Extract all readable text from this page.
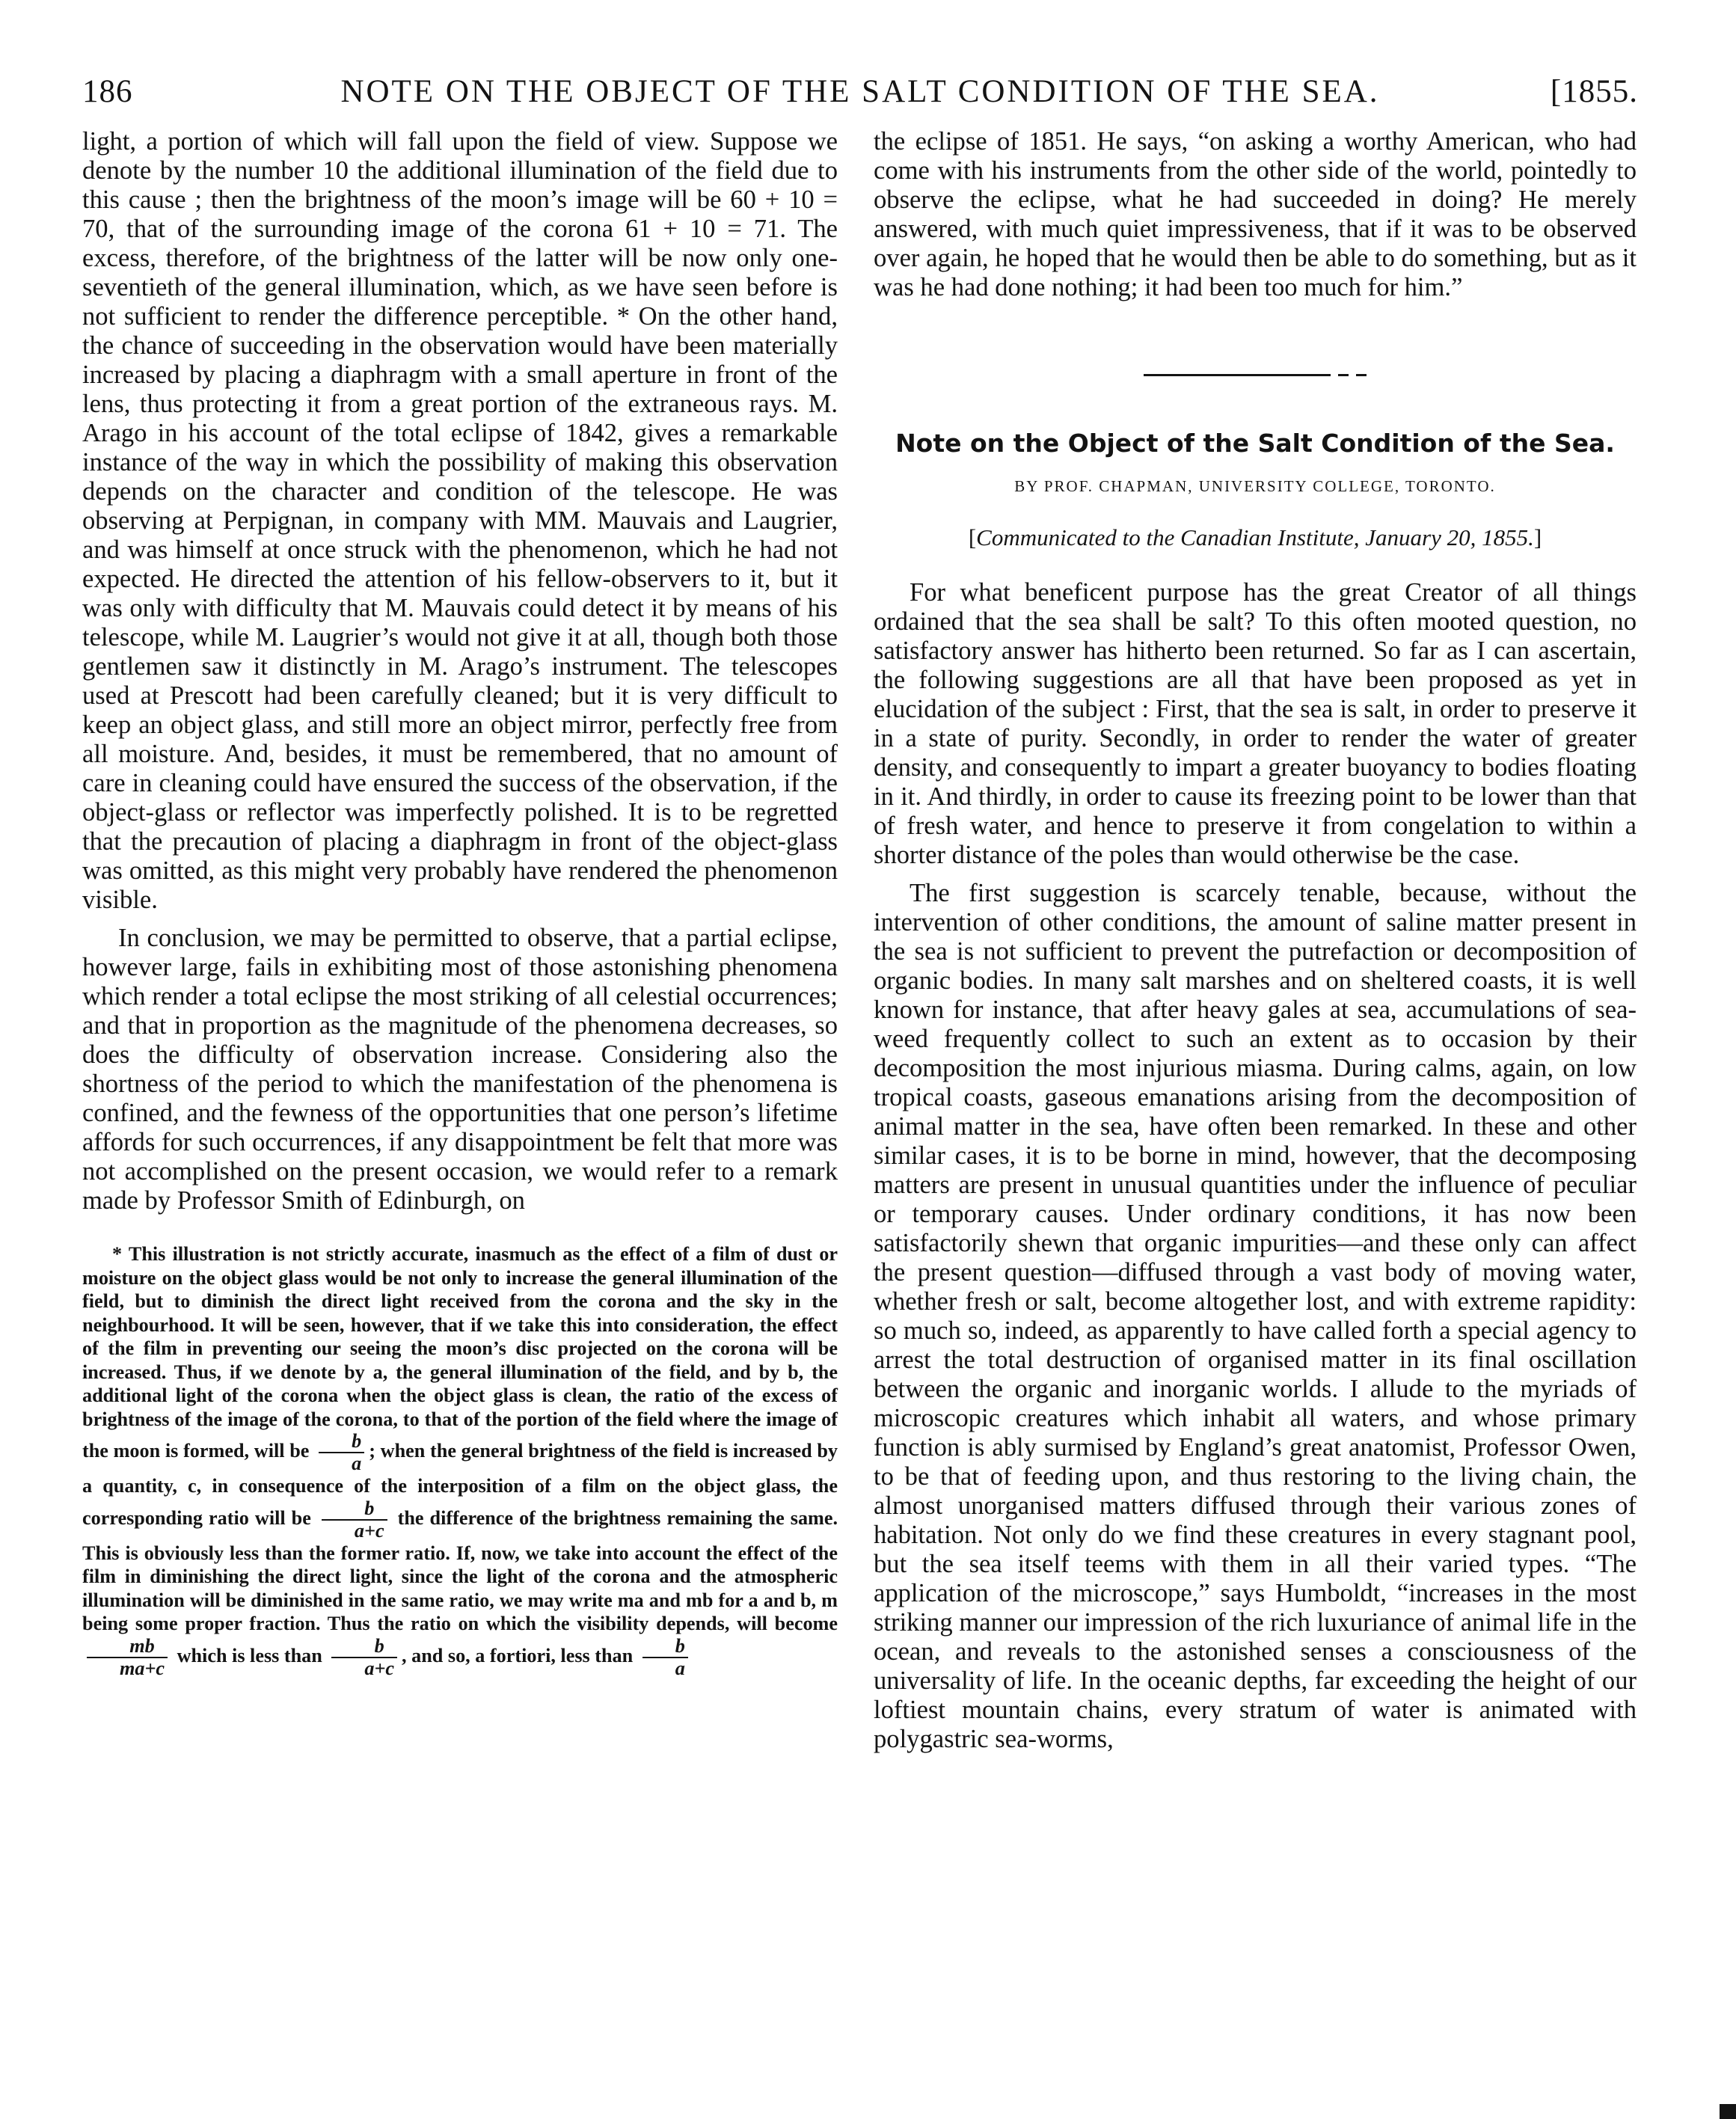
186	NOTE ON THE OBJECT OF THE SALT CONDITION OF THE SEA.	[1855.

light, a portion of which will fall upon the field of view. Suppose we denote by the number 10 the additional illumination of the field due to this cause ; then the brightness of the moon’s image will be 60 + 10 = 70, that of the surrounding image of the corona 61 + 10 = 71. The excess, therefore, of the brightness of the latter will be now only one-seventieth of the general illumination, which, as we have seen before is not sufficient to render the difference perceptible. * On the other hand, the chance of succeeding in the observation would have been materially increased by placing a diaphragm with a small aperture in front of the lens, thus protecting it from a great portion of the extraneous rays. M. Arago in his account of the total eclipse of 1842, gives a remarkable instance of the way in which the possibility of making this observation depends on the character and condition of the telescope. He was observing at Perpignan, in company with MM. Mauvais and Laugrier, and was himself at once struck with the phenomenon, which he had not expected. He directed the attention of his fellow-observers to it, but it was only with difficulty that M. Mauvais could detect it by means of his telescope, while M. Laugrier’s would not give it at all, though both those gentlemen saw it distinctly in M. Arago’s instrument. The telescopes used at Prescott had been carefully cleaned; but it is very difficult to keep an object glass, and still more an object mirror, perfectly free from all moisture. And, besides, it must be remembered, that no amount of care in cleaning could have ensured the success of the observation, if the object-glass or reflector was imperfectly polished. It is to be regretted that the precaution of placing a diaphragm in front of the object-glass was omitted, as this might very probably have rendered the phenomenon visible.

In conclusion, we may be permitted to observe, that a partial eclipse, however large, fails in exhibiting most of those astonishing phenomena which render a total eclipse the most striking of all celestial occurrences; and that in proportion as the magnitude of the phenomena decreases, so does the difficulty of observation increase. Considering also the shortness of the period to which the manifestation of the phenomena is confined, and the fewness of the opportunities that one person’s lifetime affords for such occurrences, if any disappointment be felt that more was not accomplished on the present occasion, we would refer to a remark made by Professor Smith of Edinburgh, on

* This illustration is not strictly accurate, inasmuch as the effect of a film of dust or moisture on the object glass would be not only to increase the general illumination of the field, but to diminish the direct light received from the corona and the sky in the neighbourhood. It will be seen, however, that if we take this into consideration, the effect of the film in preventing our seeing the moon’s disc projected on the corona will be increased. Thus, if we denote by a, the general illumination of the field, and by b, the additional light of the corona when the object glass is clean, the ratio of the excess of brightness of the image of the corona, to that of the portion of the field where the image of the moon is formed, will be $\frac{b}{a}$ ; when the general brightness of the field is increased by a quantity, c, in consequence of the interposition of a film on the object glass, the corresponding ratio will be $\frac{b}{a+c}$ the difference of the brightness remaining the same. This is obviously less than the former ratio. If, now, we take into account the effect of the film in diminishing the direct light, since the light of the corona and the atmospheric illumination will be diminished in the same ratio, we may write ma and mb for a and b, m being some proper fraction. Thus the ratio on which the visibility depends, will become
$\frac{mb}{ma+c}$ which is less than $\frac{b}{a+c}$ , and so, a fortiori, less than $\frac{b}{a}$

the eclipse of 1851. He says, “on asking a worthy American, who had come with his instruments from the other side of the world, pointedly to observe the eclipse, what he had succeeded in doing? He merely answered, with much quiet impressiveness, that if it was to be observed over again, he hoped that he would then be able to do something, but as it was he had done nothing; it had been too much for him.”

Note on the Object of the Salt Condition of the Sea.
BY PROF. CHAPMAN, UNIVERSITY COLLEGE, TORONTO.
[Communicated to the Canadian Institute, January 20, 1855.]

For what beneficent purpose has the great Creator of all things ordained that the sea shall be salt? To this often mooted question, no satisfactory answer has hitherto been returned. So far as I can ascertain, the following suggestions are all that have been proposed as yet in elucidation of the subject : First, that the sea is salt, in order to preserve it in a state of purity. Secondly, in order to render the water of greater density, and consequently to impart a greater buoyancy to bodies floating in it. And thirdly, in order to cause its freezing point to be lower than that of fresh water, and hence to preserve it from congelation to within a shorter distance of the poles than would otherwise be the case.

The first suggestion is scarcely tenable, because, without the intervention of other conditions, the amount of saline matter present in the sea is not sufficient to prevent the putrefaction or decomposition of organic bodies. In many salt marshes and on sheltered coasts, it is well known for instance, that after heavy gales at sea, accumulations of sea-weed frequently collect to such an extent as to occasion by their decomposition the most injurious miasma. During calms, again, on low tropical coasts, gaseous emanations arising from the decomposition of animal matter in the sea, have often been remarked. In these and other similar cases, it is to be borne in mind, however, that the decomposing matters are present in unusual quantities under the influence of peculiar or temporary causes. Under ordinary conditions, it has now been satisfactorily shewn that organic impurities—and these only can affect the present question—diffused through a vast body of moving water, whether fresh or salt, become altogether lost, and with extreme rapidity: so much so, indeed, as apparently to have called forth a special agency to arrest the total destruction of organised matter in its final oscillation between the organic and inorganic worlds. I allude to the myriads of microscopic creatures which inhabit all waters, and whose primary function is ably surmised by England’s great anatomist, Professor Owen, to be that of feeding upon, and thus restoring to the living chain, the almost unorganised matters diffused through their various zones of habitation. Not only do we find these creatures in every stagnant pool, but the sea itself teems with them in all their varied types. “The application of the microscope,” says Humboldt, “increases in the most striking manner our impression of the rich luxuriance of animal life in the ocean, and reveals to the astonished senses a consciousness of the universality of life. In the oceanic depths, far exceeding the height of our loftiest mountain chains, every stratum of water is animated with polygastric sea-worms,
